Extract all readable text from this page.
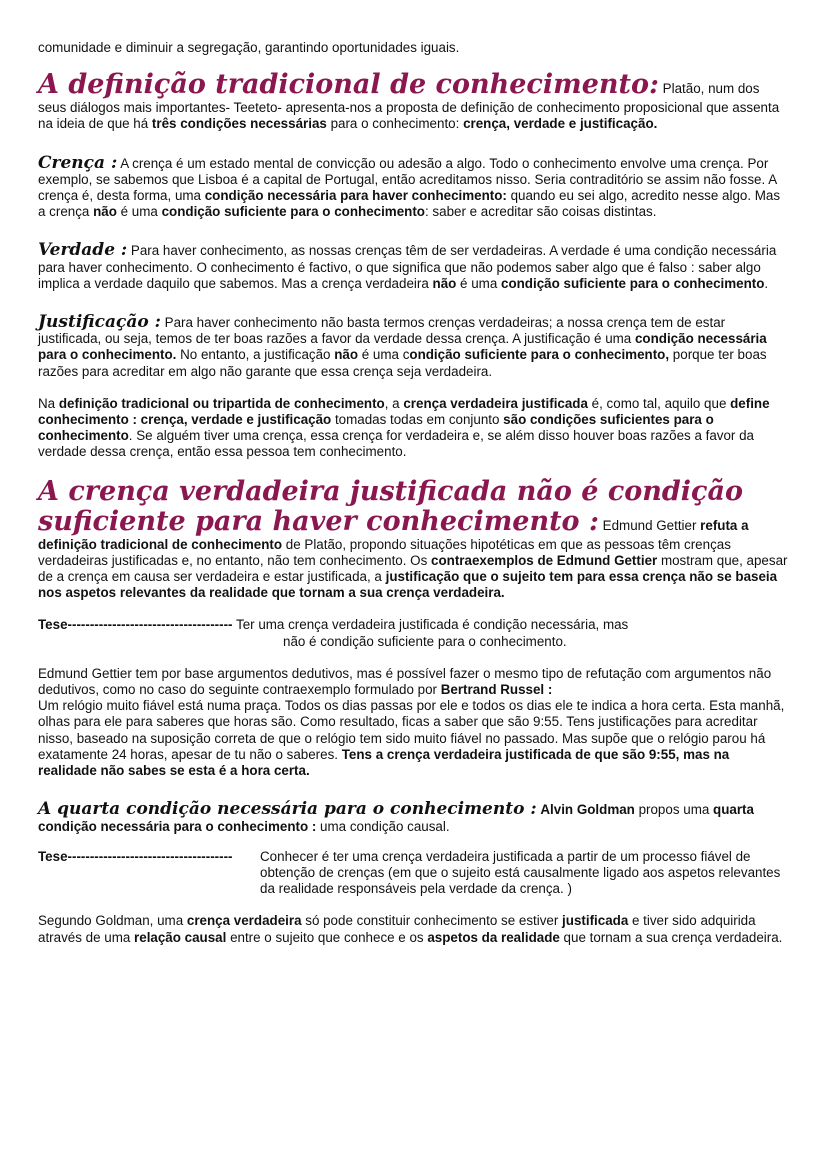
comunidade e diminuir a segregação, garantindo oportunidades iguais.

A definição tradicional de conhecimento: Platão, num dos seus diálogos mais importantes- Teeteto- apresenta-nos a proposta de definição de conhecimento proposicional que assenta na ideia de que há três condições necessárias para o conhecimento: crença, verdade e justificação.

Crença : A crença é um estado mental de convicção ou adesão a algo. Todo o conhecimento envolve uma crença. Por exemplo, se sabemos que Lisboa é a capital de Portugal, então acreditamos nisso. Seria contraditório se assim não fosse. A crença é, desta forma, uma condição necessária para haver conhecimento: quando eu sei algo, acredito nesse algo. Mas a crença não é uma condição suficiente para o conhecimento: saber e acreditar são coisas distintas.

Verdade : Para haver conhecimento, as nossas crenças têm de ser verdadeiras. A verdade é uma condição necessária para haver conhecimento. O conhecimento é factivo, o que significa que não podemos saber algo que é falso : saber algo implica a verdade daquilo que sabemos. Mas a crença verdadeira não é uma condição suficiente para o conhecimento.

Justificação : Para haver conhecimento não basta termos crenças verdadeiras; a nossa crença tem de estar justificada, ou seja, temos de ter boas razões a favor da verdade dessa crença. A justificação é uma condição necessária para o conhecimento. No entanto, a justificação não é uma condição suficiente para o conhecimento, porque ter boas razões para acreditar em algo não garante que essa crença seja verdadeira.

Na definição tradicional ou tripartida de conhecimento, a crença verdadeira justificada é, como tal, aquilo que define conhecimento : crença, verdade e justificação tomadas todas em conjunto são condições suficientes para o conhecimento. Se alguém tiver uma crença, essa crença for verdadeira e, se além disso houver boas razões a favor da verdade dessa crença, então essa pessoa tem conhecimento.

A crença verdadeira justificada não é condição suficiente para haver conhecimento : Edmund Gettier refuta a definição tradicional de conhecimento de Platão, propondo situações hipotéticas em que as pessoas têm crenças verdadeiras justificadas e, no entanto, não tem conhecimento. Os contraexemplos de Edmund Gettier mostram que, apesar de a crença em causa ser verdadeira e estar justificada, a justificação que o sujeito tem para essa crença não se baseia nos aspetos relevantes da realidade que tornam a sua crença verdadeira.

Tese------------------------------------- Ter uma crença verdadeira justificada é condição necessária, mas
não é condição suficiente para o conhecimento.

Edmund Gettier tem por base argumentos dedutivos, mas é possível fazer o mesmo tipo de refutação com argumentos não dedutivos, como no caso do seguinte contraexemplo formulado por Bertrand Russel :
Um relógio muito fiável está numa praça. Todos os dias passas por ele e todos os dias ele te indica a hora certa. Esta manhã, olhas para ele para saberes que horas são. Como resultado, ficas a saber que são 9:55. Tens justificações para acreditar nisso, baseado na suposição correta de que o relógio tem sido muito fiável no passado. Mas supõe que o relógio parou há exatamente 24 horas, apesar de tu não o saberes. Tens a crença verdadeira justificada de que são 9:55, mas na realidade não sabes se esta é a hora certa.

A quarta condição necessária para o conhecimento : Alvin Goldman propos uma quarta condição necessária para o conhecimento : uma condição causal.

Tese-------------------------------------	Conhecer é ter uma crença verdadeira justificada a partir de um processo fiável de obtenção de crenças (em que o sujeito está causalmente ligado aos aspetos relevantes da realidade responsáveis pela verdade da crença. )

Segundo Goldman, uma crença verdadeira só pode constituir conhecimento se estiver justificada e tiver sido adquirida através de uma relação causal entre o sujeito que conhece e os aspetos da realidade que tornam a sua crença verdadeira.
